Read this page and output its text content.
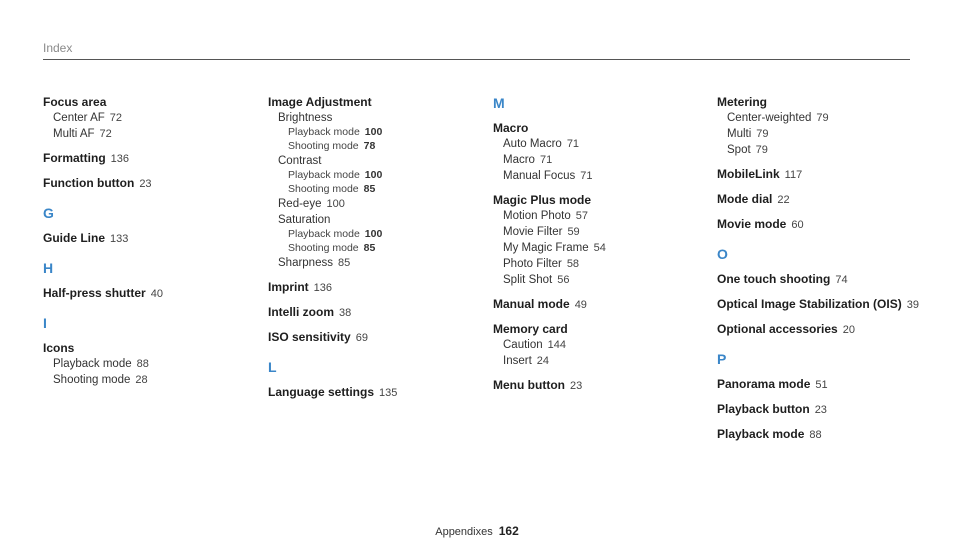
Index
Focus area
Center AF 72
Multi AF 72
Formatting 136
Function button 23
G
Guide Line 133
H
Half-press shutter 40
I
Icons
Playback mode 88
Shooting mode 28
Image Adjustment
Brightness
Playback mode 100
Shooting mode 78
Contrast
Playback mode 100
Shooting mode 85
Red-eye 100
Saturation
Playback mode 100
Shooting mode 85
Sharpness 85
Imprint 136
Intelli zoom 38
ISO sensitivity 69
L
Language settings 135
M
Macro
Auto Macro 71
Macro 71
Manual Focus 71
Magic Plus mode
Motion Photo 57
Movie Filter 59
My Magic Frame 54
Photo Filter 58
Split Shot 56
Manual mode 49
Memory card
Caution 144
Insert 24
Menu button 23
Metering
Center-weighted 79
Multi 79
Spot 79
MobileLink 117
Mode dial 22
Movie mode 60
O
One touch shooting 74
Optical Image Stabilization (OIS) 39
Optional accessories 20
P
Panorama mode 51
Playback button 23
Playback mode 88
Appendixes 162
